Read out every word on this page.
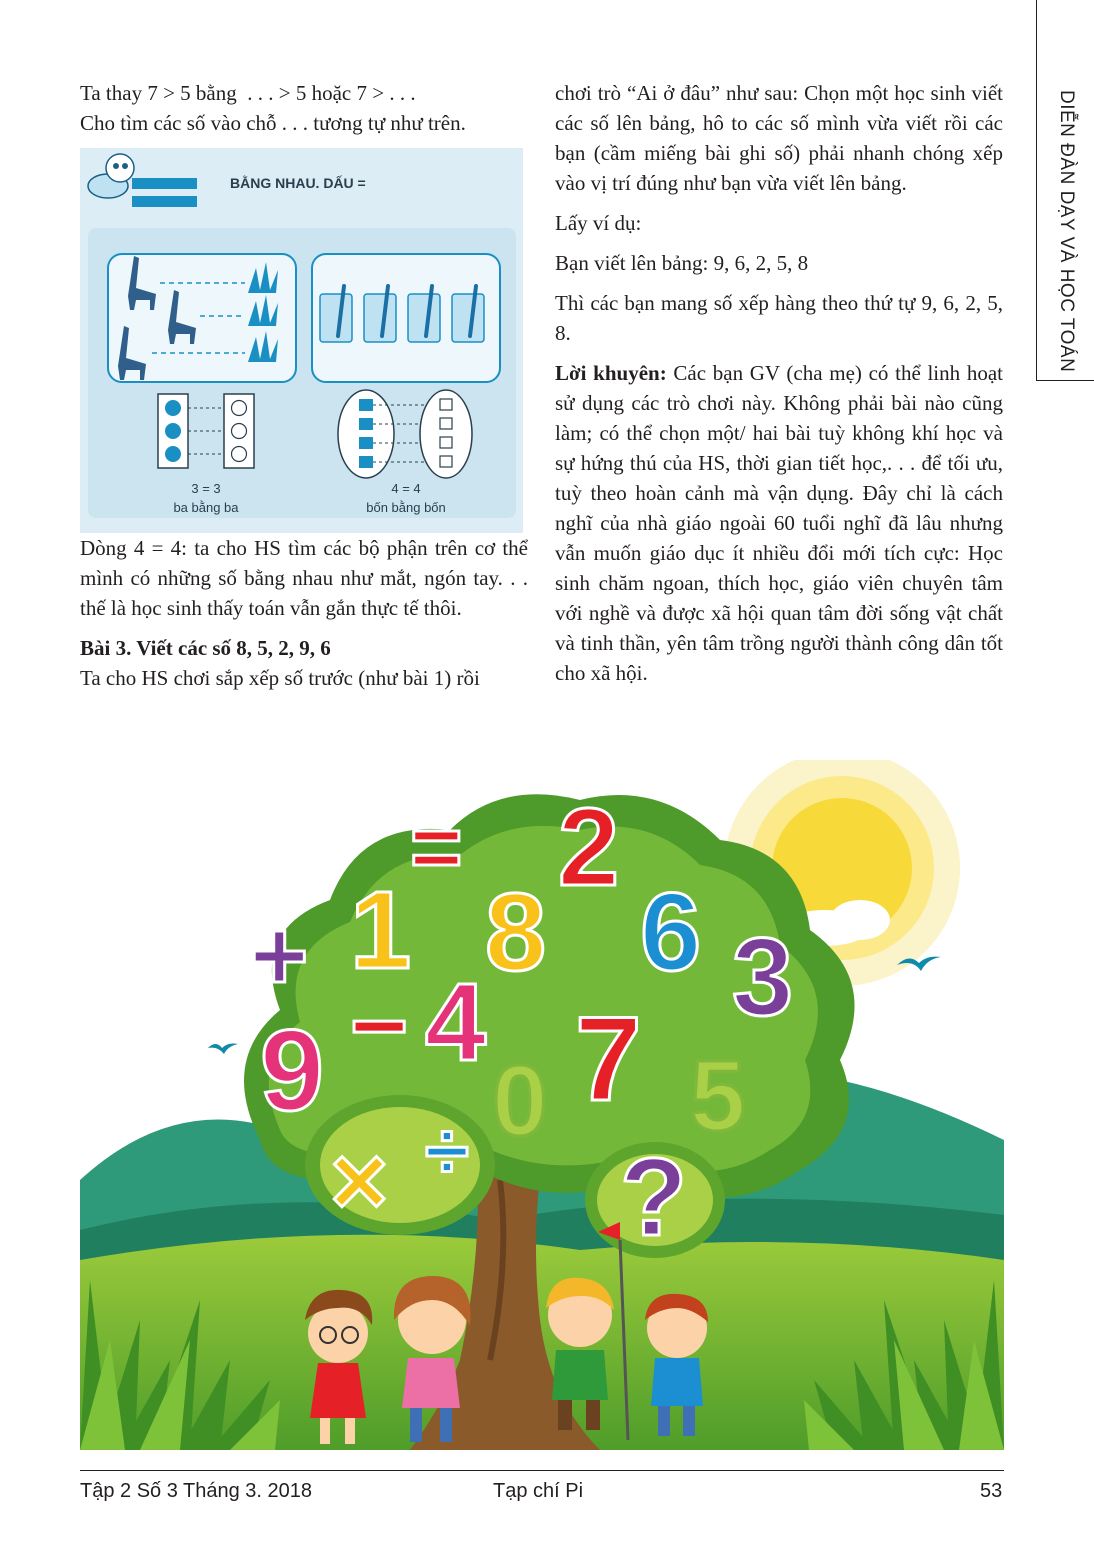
DIỄN ĐÀN DẠY VÀ HỌC TOÁN

Ta thay 7 > 5 bằng  . . . > 5 hoặc 7 > . . .

Cho tìm các số vào chỗ . . . tương tự như trên.

Dòng 4 = 4: ta cho HS tìm các bộ phận trên cơ thể mình có những số bằng nhau như mắt, ngón tay. . . thế là học sinh thấy toán vẫn gắn thực tế thôi.

Bài 3. Viết các số 8, 5, 2, 9, 6

Ta cho HS chơi sắp xếp số trước (như bài 1) rồi

BẰNG NHAU. DẤU =
3 = 3
ba bằng ba
4 = 4
bốn bằng bốn

chơi trò “Ai ở đâu” như sau: Chọn một học sinh viết các số lên bảng, hô to các số mình vừa viết rồi các bạn (cầm miếng bài ghi số) phải nhanh chóng xếp vào vị trí đúng như bạn vừa viết lên bảng.

Lấy ví dụ:

Bạn viết lên bảng: 9, 6, 2, 5, 8

Thì các bạn mang số xếp hàng theo thứ tự 9, 6, 2, 5, 8.

Lời khuyên: Các bạn GV (cha mẹ) có thể linh hoạt sử dụng các trò chơi này. Không phải bài nào cũng làm; có thể chọn một/ hai bài tuỳ không khí học và sự hứng thú của HS, thời gian tiết học,. . . để tối ưu, tuỳ theo hoàn cảnh mà vận dụng. Đây chỉ là cách nghĩ của nhà giáo ngoài 60 tuổi nghĩ đã lâu nhưng vẫn muốn giáo dục ít nhiều đổi mới tích cực: Học sinh chăm ngoan, thích học, giáo viên chuyên tâm với nghề và được xã hội quan tâm đời sống vật chất và tinh thần, yên tâm trồng người thành công dân tốt cho xã hội.

= 2
+ 1 8 6 3
9 − 4 7
0 5
× ÷ ?
Tập 2 Số 3 Tháng 3. 2018	Tạp chí Pi	53
